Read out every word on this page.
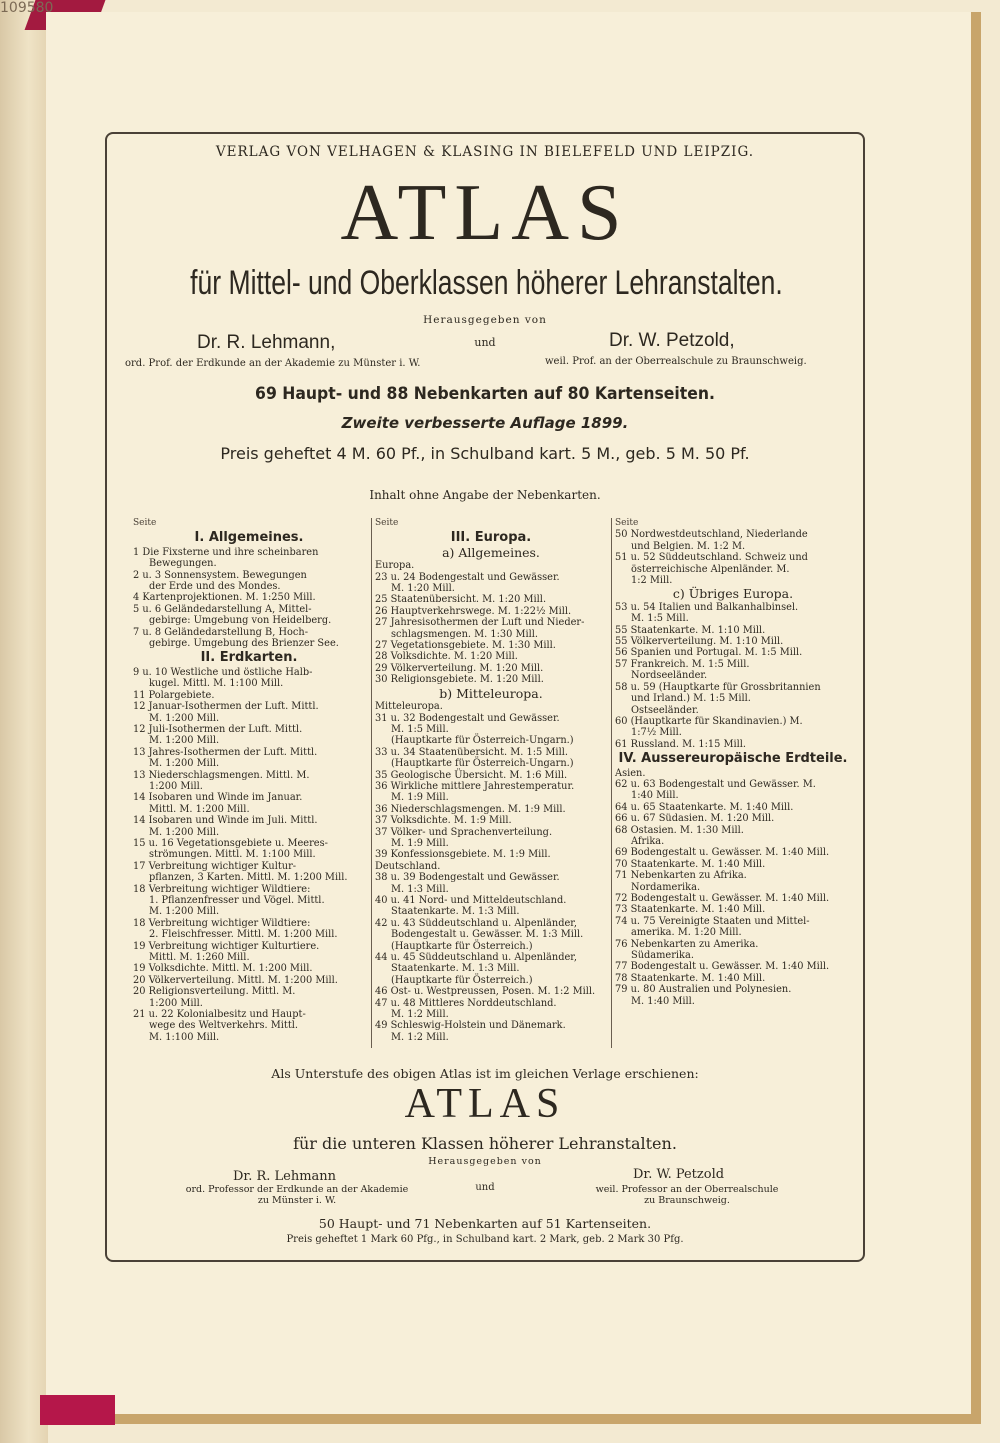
109580
VERLAG VON VELHAGEN & KLASING IN BIELEFELD UND LEIPZIG.
ATLAS
für Mittel- und Oberklassen höherer Lehranstalten.
Herausgegeben von
Dr. R. Lehmann,
ord. Prof. der Erdkunde an der Akademie zu Münster i. W.
und	Dr. W. Petzold,
weil. Prof. an der Oberrealschule zu Braunschweig.
69 Haupt- und 88 Nebenkarten auf 80 Kartenseiten.
Zweite verbesserte Auflage 1899.
Preis geheftet 4 M. 60 Pf., in Schulband kart. 5 M., geb. 5 M. 50 Pf.
Inhalt ohne Angabe der Nebenkarten.
Seite
I. Allgemeines.
1 Die Fixsterne und ihre scheinbaren
Bewegungen.
2 u. 3 Sonnensystem. Bewegungen
der Erde und des Mondes.
4 Kartenprojektionen. M. 1:250 Mill.
5 u. 6 Geländedarstellung A, Mittel-
gebirge: Umgebung von Heidelberg.
7 u. 8 Geländedarstellung B, Hoch-
gebirge. Umgebung des Brienzer See.
II. Erdkarten.
9 u. 10 Westliche und östliche Halb-
kugel. Mittl. M. 1:100 Mill.
11 Polargebiete.
12 Januar-Isothermen der Luft. Mittl.
M. 1:200 Mill.
12 Juli-Isothermen der Luft. Mittl.
M. 1:200 Mill.
13 Jahres-Isothermen der Luft. Mittl.
M. 1:200 Mill.
13 Niederschlagsmengen. Mittl. M.
1:200 Mill.
14 Isobaren und Winde im Januar.
Mittl. M. 1:200 Mill.
14 Isobaren und Winde im Juli. Mittl.
M. 1:200 Mill.
15 u. 16 Vegetationsgebiete u. Meeres-
strömungen. Mittl. M. 1:100 Mill.
17 Verbreitung wichtiger Kultur-
pflanzen, 3 Karten. Mittl. M. 1:200 Mill.
18 Verbreitung wichtiger Wildtiere:
1. Pflanzenfresser und Vögel. Mittl.
M. 1:200 Mill.
18 Verbreitung wichtiger Wildtiere:
2. Fleischfresser. Mittl. M. 1:200 Mill.
19 Verbreitung wichtiger Kulturtiere.
Mittl. M. 1:260 Mill.
19 Volksdichte. Mittl. M. 1:200 Mill.
20 Völkerverteilung. Mittl. M. 1:200 Mill.
20 Religionsverteilung. Mittl. M.
1:200 Mill.
21 u. 22 Kolonialbesitz und Haupt-
wege des Weltverkehrs. Mittl.
M. 1:100 Mill.
Seite
III. Europa.
a) Allgemeines.
Europa.
23 u. 24 Bodengestalt und Gewässer.
M. 1:20 Mill.
25 Staatenübersicht. M. 1:20 Mill.
26 Hauptverkehrswege. M. 1:22½ Mill.
27 Jahresisothermen der Luft und Nieder-
schlagsmengen. M. 1:30 Mill.
27 Vegetationsgebiete. M. 1:30 Mill.
28 Volksdichte. M. 1:20 Mill.
29 Völkerverteilung. M. 1:20 Mill.
30 Religionsgebiete. M. 1:20 Mill.
b) Mitteleuropa.
Mitteleuropa.
31 u. 32 Bodengestalt und Gewässer.
M. 1:5 Mill.
(Hauptkarte für Österreich-Ungarn.)
33 u. 34 Staatenübersicht. M. 1:5 Mill.
(Hauptkarte für Österreich-Ungarn.)
35 Geologische Übersicht. M. 1:6 Mill.
36 Wirkliche mittlere Jahrestemperatur.
M. 1:9 Mill.
36 Niederschlagsmengen. M. 1:9 Mill.
37 Volksdichte. M. 1:9 Mill.
37 Völker- und Sprachenverteilung.
M. 1:9 Mill.
39 Konfessionsgebiete. M. 1:9 Mill.
Deutschland.
38 u. 39 Bodengestalt und Gewässer.
M. 1:3 Mill.
40 u. 41 Nord- und Mitteldeutschland.
Staatenkarte. M. 1:3 Mill.
42 u. 43 Süddeutschland u. Alpenländer,
Bodengestalt u. Gewässer. M. 1:3 Mill.
(Hauptkarte für Österreich.)
44 u. 45 Süddeutschland u. Alpenländer,
Staatenkarte. M. 1:3 Mill.
(Hauptkarte für Österreich.)
46 Ost- u. Westpreussen, Posen. M. 1:2 Mill.
47 u. 48 Mittleres Norddeutschland.
M. 1:2 Mill.
49 Schleswig-Holstein und Dänemark.
M. 1:2 Mill.
Seite
50 Nordwestdeutschland, Niederlande
und Belgien. M. 1:2 M.
51 u. 52 Süddeutschland. Schweiz und
österreichische Alpenländer. M.
1:2 Mill.
c) Übriges Europa.
53 u. 54 Italien und Balkanhalbinsel.
M. 1:5 Mill.
55 Staatenkarte. M. 1:10 Mill.
55 Völkerverteilung. M. 1:10 Mill.
56 Spanien und Portugal. M. 1:5 Mill.
57 Frankreich. M. 1:5 Mill.
Nordseeländer.
58 u. 59 (Hauptkarte für Grossbritannien
und Irland.) M. 1:5 Mill.
Ostseeländer.
60 (Hauptkarte für Skandinavien.) M.
1:7½ Mill.
61 Russland. M. 1:15 Mill.
IV. Aussereuropäische Erdteile.
Asien.
62 u. 63 Bodengestalt und Gewässer. M.
1:40 Mill.
64 u. 65 Staatenkarte. M. 1:40 Mill.
66 u. 67 Südasien. M. 1:20 Mill.
68 Ostasien. M. 1:30 Mill.
Afrika.
69 Bodengestalt u. Gewässer. M. 1:40 Mill.
70 Staatenkarte. M. 1:40 Mill.
71 Nebenkarten zu Afrika.
Nordamerika.
72 Bodengestalt u. Gewässer. M. 1:40 Mill.
73 Staatenkarte. M. 1:40 Mill.
74 u. 75 Vereinigte Staaten und Mittel-
amerika. M. 1:20 Mill.
76 Nebenkarten zu Amerika.
Südamerika.
77 Bodengestalt u. Gewässer. M. 1:40 Mill.
78 Staatenkarte. M. 1:40 Mill.
79 u. 80 Australien und Polynesien.
M. 1:40 Mill.
Als Unterstufe des obigen Atlas ist im gleichen Verlage erschienen:
ATLAS
für die unteren Klassen höherer Lehranstalten.
Herausgegeben von
Dr. R. Lehmann
ord. Professor der Erdkunde an der Akademie
zu Münster i. W.
und
Dr. W. Petzold
weil. Professor an der Oberrealschule
zu Braunschweig.
50 Haupt- und 71 Nebenkarten auf 51 Kartenseiten.
Preis geheftet 1 Mark 60 Pfg., in Schulband kart. 2 Mark, geb. 2 Mark 30 Pfg.
